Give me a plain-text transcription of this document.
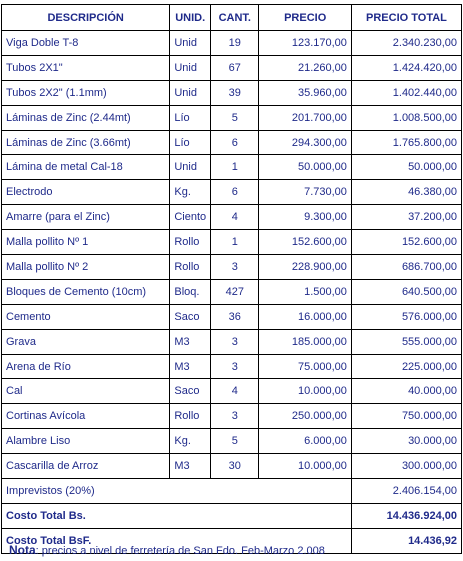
DESCRIPCIÓN	UNID.	CANT.	PRECIO	PRECIO TOTAL
Viga Doble T-8	Unid	19	123.170,00	2.340.230,00
Tubos 2X1"	Unid	67	21.260,00	1.424.420,00
Tubos 2X2" (1.1mm)	Unid	39	35.960,00	1.402.440,00
Láminas de Zinc (2.44mt)	Lío	5	201.700,00	1.008.500,00
Láminas de Zinc (3.66mt)	Lío	6	294.300,00	1.765.800,00
Lámina de metal Cal-18	Unid	1	50.000,00	50.000,00
Electrodo	Kg.	6	7.730,00	46.380,00
Amarre (para el Zinc)	Ciento	4	9.300,00	37.200,00
Malla pollito Nº 1	Rollo	1	152.600,00	152.600,00
Malla pollito Nº 2	Rollo	3	228.900,00	686.700,00
Bloques de Cemento (10cm)	Bloq.	427	1.500,00	640.500,00
Cemento	Saco	36	16.000,00	576.000,00
Grava	M3	3	185.000,00	555.000,00
Arena de Río	M3	3	75.000,00	225.000,00
Cal	Saco	4	10.000,00	40.000,00
Cortinas Avícola	Rollo	3	250.000,00	750.000,00
Alambre Liso	Kg.	5	6.000,00	30.000,00
Cascarilla de Arroz	M3	30	10.000,00	300.000,00
Imprevistos (20%)				2.406.154,00
Costo Total Bs.				14.436.924,00
Costo Total BsF.				14.436,92
Nota: precios a nivel de ferretería de San Fdo. Feb-Marzo 2.008
